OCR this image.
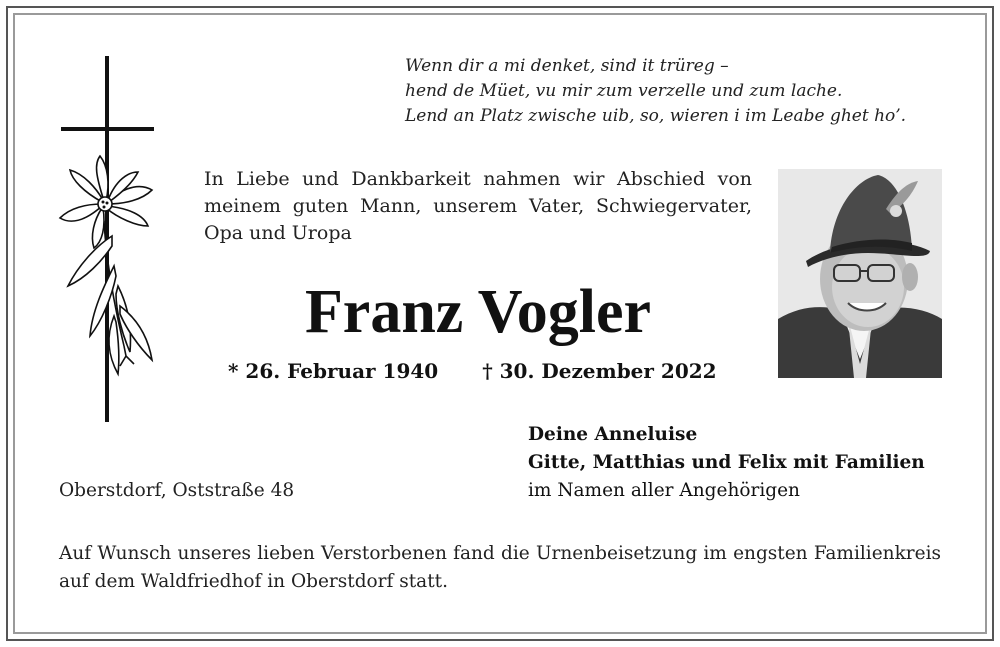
Wenn dir a mi denket, sind it trüreg –
hend de Müet, vu mir zum verzelle und zum lache.
Lend an Platz zwische uib, so, wieren i im Leabe ghet ho’.
In Liebe und Dankbarkeit nahmen wir Abschied von meinem guten Mann, unserem Vater, Schwiegervater, Opa und Uropa
Franz Vogler
* 26. Februar 1940 † 30. Dezember 2022
Deine Anneluise
Gitte, Matthias und Felix mit Familien
im Namen aller Angehörigen
Oberstdorf, Oststraße 48
Auf Wunsch unseres lieben Verstorbenen fand die Urnenbeisetzung im engsten Familienkreis auf dem Waldfriedhof in Oberstdorf statt.
